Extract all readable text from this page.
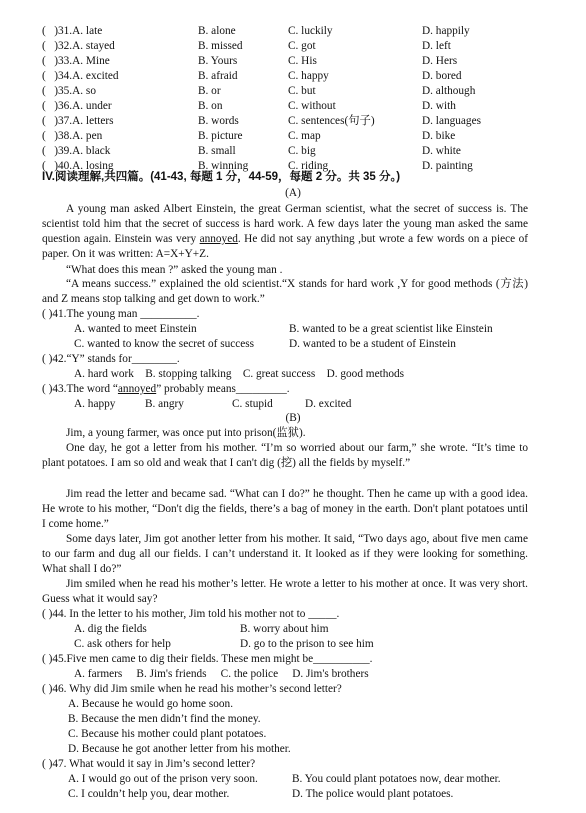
(   )31.A. late	B. alone	C. luckily	D. happily
(   )32.A. stayed	B. missed	C. got	D. left
(   )33.A. Mine	B. Yours	C. His	D. Hers
(   )34.A. excited	B. afraid	C. happy	D. bored
(   )35.A. so	B. or	C. but	D. although
(   )36.A. under	B. on	C. without	D. with
(   )37.A. letters	B. words	C. sentences(句子)	D. languages
(   )38.A. pen	B. picture	C. map	D. bike
(   )39.A. black	B. small	C. big	D. white
(   )40.A. losing	B. winning	C. riding	D. painting
IV.阅读理解,共四篇。(41-43, 每题 1 分，44-59，每题 2 分。共 35 分。)
(A)
A young man asked Albert Einstein, the great German scientist, what the secret of success is. The scientist told him that the secret of success is hard work. A few days later the young man asked the same question again. Einstein was very annoyed. He did not say anything ,but wrote a few words on a piece of paper. On it was written: A=X+Y+Z.
“What does this mean ?” asked the young man .
“A means success.” explained the old scientist.“X stands for hard work ,Y for good methods (方法) and Z means stop talking and get down to work.”
( )41.The young man __________.
A. wanted to meet Einstein	B. wanted to be a great scientist like Einstein
C. wanted to know the secret of success	D. wanted to be a student of Einstein
( )42.“Y” stands for________.
A. hard work    B. stopping talking    C. great success    D. good methods
( )43.The word “annoyed” probably means_________.
A. happy	B. angry	C. stupid	D. excited
(B)
Jim, a young farmer, was once put into prison(监狱).
One day, he got a letter from his mother. “I’m so worried about our farm,” she wrote. “It’s time to plant potatoes. I am so old and weak that I can't dig (挖) all the fields by myself.”
Jim read the letter and became sad. “What can I do?” he thought. Then he came up with a good idea. He wrote to his mother, “Don't dig the fields, there’s a bag of money in the earth. Don't plant potatoes until I come home.”
Some days later, Jim got another letter from his mother. It said, “Two days ago, about five men came to our farm and dug all our fields. I can’t understand it. It looked as if they were looking for something. What shall I do?”
Jim smiled when he read his mother’s letter. He wrote a letter to his mother at once. It was very short. Guess what it would say?
( )44. In the letter to his mother, Jim told his mother not to _____.
A. dig the fields	B. worry about him
C. ask others for help	D. go to the prison to see him
( )45.Five men came to dig their fields. These men might be__________.
A. farmers     B. Jim's friends     C. the police     D. Jim's brothers
( )46. Why did Jim smile when he read his mother’s second letter?
A. Because he would go home soon.
B. Because the men didn’t find the money.
C. Because his mother could plant potatoes.
D. Because he got another letter from his mother.
( )47. What would it say in Jim’s second letter?
A. I would go out of the prison very soon.	B. You could plant potatoes now, dear mother.
C. I couldn’t help you, dear mother.	D. The police would plant potatoes.
